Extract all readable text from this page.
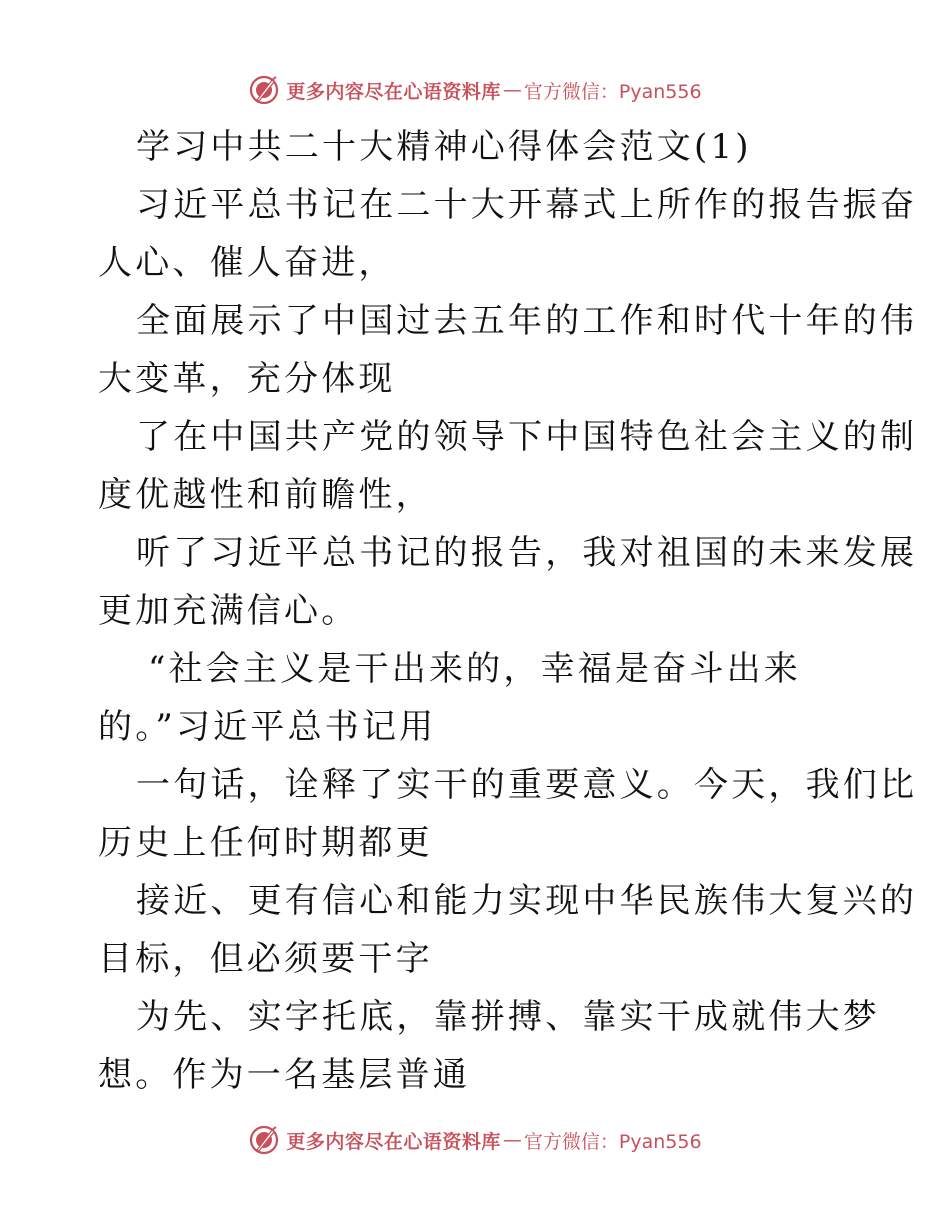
更多内容尽在心语资料库 — 官方微信：Pyan556
学习中共二十大精神心得体会范文(1)
习近平总书记在二十大开幕式上所作的报告振奋
人心、催人奋进，
全面展示了中国过去五年的工作和时代十年的伟
大变革，充分体现
了在中国共产党的领导下中国特色社会主义的制
度优越性和前瞻性，
听了习近平总书记的报告，我对祖国的未来发展
更加充满信心。
“社会主义是干出来的，幸福是奋斗出来
的。”习近平总书记用
一句话，诠释了实干的重要意义。今天，我们比
历史上任何时期都更
接近、更有信心和能力实现中华民族伟大复兴的
目标，但必须要干字
为先、实字托底，靠拼搏、靠实干成就伟大梦
想。作为一名基层普通
更多内容尽在心语资料库 — 官方微信：Pyan556
